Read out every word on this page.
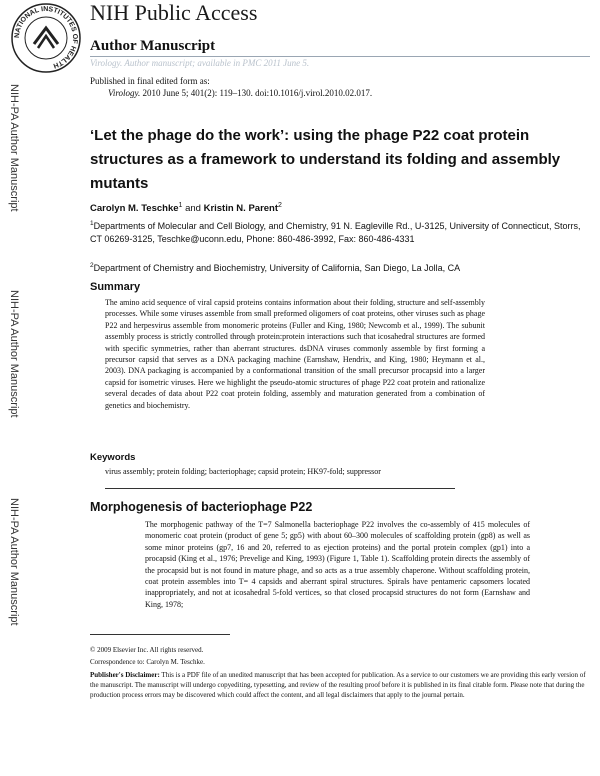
NATIONAL INSTITUTES OF HEALTH
NIH Public Access
Author Manuscript
Virology. Author manuscript; available in PMC 2011 June 5.
NIH-PA Author Manuscript
NIH-PA Author Manuscript
NIH-PA Author Manuscript
Published in final edited form as:
Virology. 2010 June 5; 401(2): 119–130. doi:10.1016/j.virol.2010.02.017.
‘Let the phage do the work’: using the phage P22 coat protein structures as a framework to understand its folding and assembly mutants
Carolyn M. Teschke$^1$ and Kristin N. Parent$^2$
$^1$Departments of Molecular and Cell Biology, and Chemistry, 91 N. Eagleville Rd., U-3125, University of Connecticut, Storrs, CT 06269-3125, Teschke@uconn.edu, Phone: 860-486-3992, Fax: 860-486-4331
$^2$Department of Chemistry and Biochemistry, University of California, San Diego, La Jolla, CA
Summary
The amino acid sequence of viral capsid proteins contains information about their folding, structure and self-assembly processes. While some viruses assemble from small preformed oligomers of coat proteins, other viruses such as phage P22 and herpesvirus assemble from monomeric proteins (Fuller and King, 1980; Newcomb et al., 1999). The subunit assembly process is strictly controlled through protein:protein interactions such that icosahedral structures are formed with specific symmetries, rather than aberrant structures. dsDNA viruses commonly assemble by first forming a precursor capsid that serves as a DNA packaging machine (Earnshaw, Hendrix, and King, 1980; Heymann et al., 2003). DNA packaging is accompanied by a conformational transition of the small precursor procapsid into a larger capsid for isometric viruses. Here we highlight the pseudo-atomic structures of phage P22 coat protein and rationalize several decades of data about P22 coat protein folding, assembly and maturation generated from a combination of genetics and biochemistry.
Keywords
virus assembly; protein folding; bacteriophage; capsid protein; HK97-fold; suppressor
Morphogenesis of bacteriophage P22
The morphogenic pathway of the T=7 Salmonella bacteriophage P22 involves the co-assembly of 415 molecules of monomeric coat protein (product of gene 5; gp5) with about 60–300 molecules of scaffolding protein (gp8) as well as some minor proteins (gp7, 16 and 20, referred to as ejection proteins) and the portal protein complex (gp1) into a procapsid (King et al., 1976; Prevelige and King, 1993) (Figure 1, Table 1). Scaffolding protein directs the assembly of the procapsid but is not found in mature phage, and so acts as a true assembly chaperone. Without scaffolding protein, coat protein assembles into T= 4 capsids and aberrant spiral structures. Spirals have pentameric capsomers located inappropriately, and not at icosahedral 5-fold vertices, so that closed procapsid structures do not form (Earnshaw and King, 1978;
© 2009 Elsevier Inc. All rights reserved.
Correspondence to: Carolyn M. Teschke.
Publisher's Disclaimer: This is a PDF file of an unedited manuscript that has been accepted for publication. As a service to our customers we are providing this early version of the manuscript. The manuscript will undergo copyediting, typesetting, and review of the resulting proof before it is published in its final citable form. Please note that during the production process errors may be discovered which could affect the content, and all legal disclaimers that apply to the journal pertain.
